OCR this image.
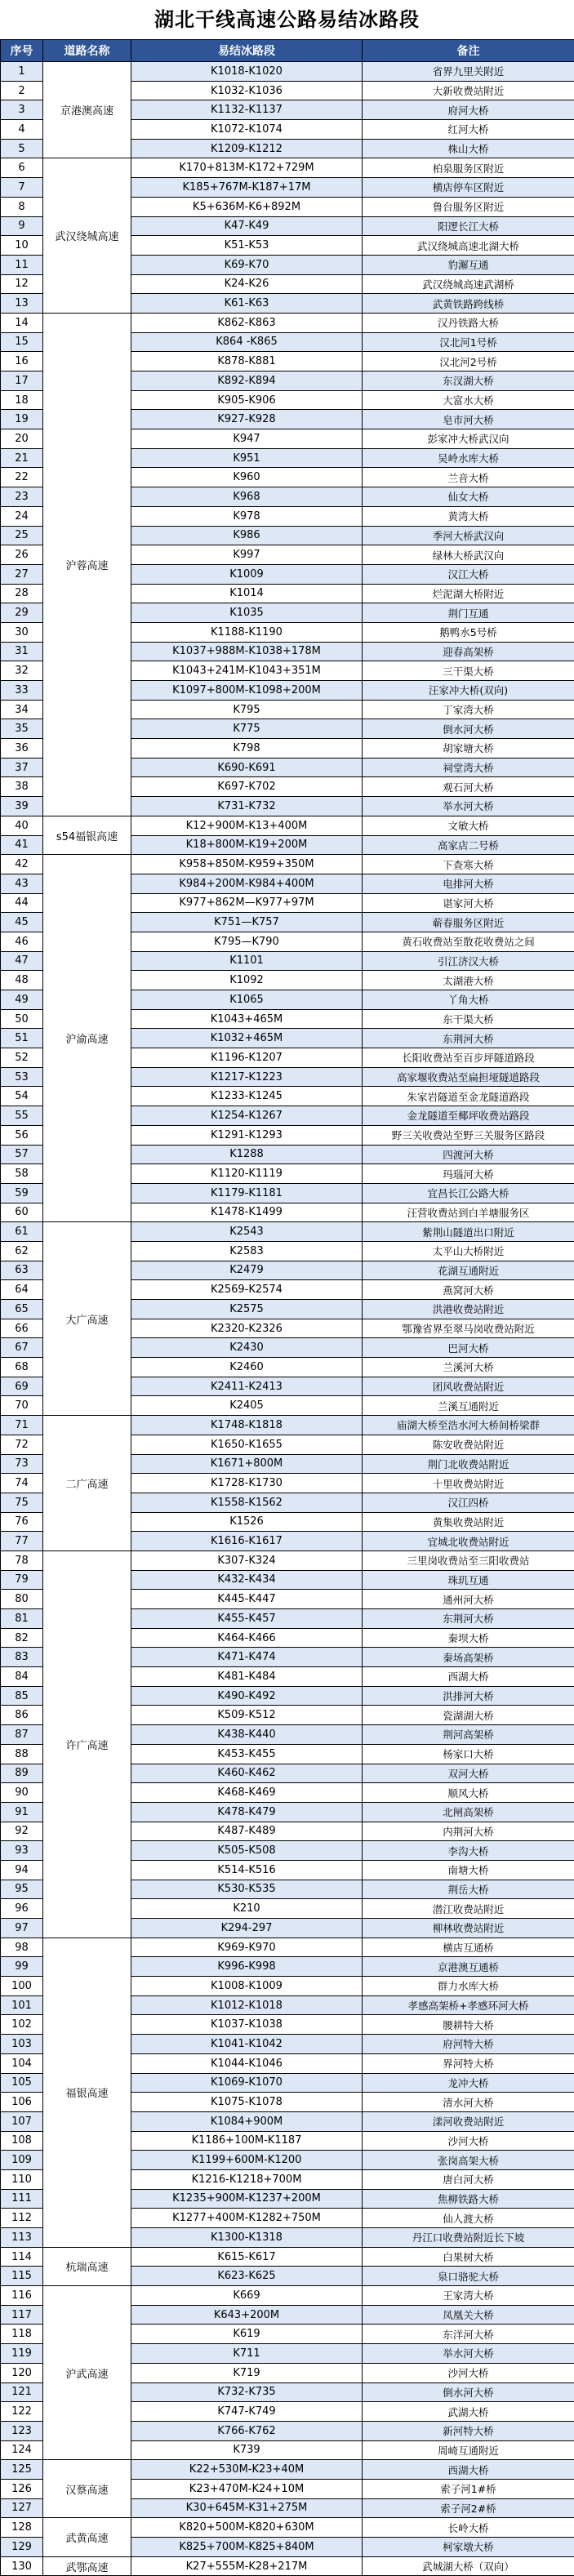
湖北干线高速公路易结冰路段
序号	道路名称	易结冰路段	备注
1	京港澳高速	K1018-K1020	省界九里关附近
2		K1032-K1036	大新收费站附近
3		K1132-K1137	府河大桥
4		K1072-K1074	红河大桥
5		K1209-K1212	株山大桥
6	武汉绕城高速	K170+813M-K172+729M	柏泉服务区附近
7		K185+767M-K187+17M	横店停车区附近
8		K5+636M-K6+892M	鲁台服务区附近
9		K47-K49	阳逻长江大桥
10		K51-K53	武汉绕城高速北湖大桥
11		K69-K70	豹澥互通
12		K24-K26	武汉绕城高速武湖桥
13		K61-K63	武黄铁路跨线桥
14	沪蓉高速	K862-K863	汉丹铁路大桥
15		K864 -K865	汉北河1号桥
16		K878-K881	汉北河2号桥
17		K892-K894	东汊湖大桥
18		K905-K906	大富水大桥
19		K927-K928	皂市河大桥
20		K947	彭家冲大桥武汉向
21		K951	吴岭水库大桥
22		K960	兰音大桥
23		K968	仙女大桥
24		K978	黄湾大桥
25		K986	季河大桥武汉向
26		K997	绿林大桥武汉向
27		K1009	汉江大桥
28		K1014	烂泥湖大桥附近
29		K1035	荆门互通
30		K1188-K1190	鹅鸭水5号桥
31		K1037+988M-K1038+178M	迎春高架桥
32		K1043+241M-K1043+351M	三干渠大桥
33		K1097+800M-K1098+200M	汪家冲大桥(双向)
34		K795	丁家湾大桥
35		K775	倒水河大桥
36		K798	胡家塘大桥
37		K690-K691	祠堂湾大桥
38		K697-K702	观石河大桥
39		K731-K732	举水河大桥
40	s54福银高速	K12+900M-K13+400M	文敏大桥
41		K18+800M-K19+200M	高家店二号桥
42	沪渝高速	K958+850M-K959+350M	下查寒大桥
43		K984+200M-K984+400M	电排河大桥
44		K977+862M—K977+97M	谌家河大桥
45		K751—K757	蕲春服务区附近
46		K795—K790	黄石收费站至散花收费站之间
47		K1101	引江济汉大桥
48		K1092	太湖港大桥
49		K1065	丫角大桥
50		K1043+465M	东干渠大桥
51		K1032+465M	东荆河大桥
52		K1196-K1207	长阳收费站至百步坪隧道路段
53		K1217-K1223	高家堰收费站至扁担垭隧道路段
54		K1233-K1245	朱家岩隧道至金龙隧道路段
55		K1254-K1267	金龙隧道至椰坪收费站路段
56		K1291-K1293	野三关收费站至野三关服务区路段
57		K1288	四渡河大桥
58		K1120-K1119	玛瑙河大桥
59		K1179-K1181	宜昌长江公路大桥
60		K1478-K1499	汪营收费站到白羊塘服务区
61	大广高速	K2543	紫荆山隧道出口附近
62		K2583	太平山大桥附近
63		K2479	花湖互通附近
64		K2569-K2574	燕窝河大桥
65		K2575	洪港收费站附近
66		K2320-K2326	鄂豫省界至翠马岗收费站附近
67		K2430	巴河大桥
68		K2460	兰溪河大桥
69		K2411-K2413	团风收费站附近
70		K2405	兰溪互通附近
71	二广高速	K1748-K1818	庙湖大桥至浩水河大桥间桥梁群
72		K1650-K1655	陈安收费站附近
73		K1671+800M	荆门北收费站附近
74		K1728-K1730	十里收费站附近
75		K1558-K1562	汉江四桥
76		K1526	黄集收费站附近
77		K1616-K1617	宜城北收费站附近
78	许广高速	K307-K324	三里岗收费站至三阳收费站
79		K432-K434	珠玑互通
80		K445-K447	通州河大桥
81		K455-K457	东荆河大桥
82		K464-K466	秦坝大桥
83		K471-K474	秦场高架桥
84		K481-K484	西湖大桥
85		K490-K492	洪排河大桥
86		K509-K512	瓷湖湖大桥
87		K438-K440	荆河高架桥
88		K453-K455	杨家口大桥
89		K460-K462	双河大桥
90		K468-K469	顺风大桥
91		K478-K479	北闸高架桥
92		K487-K489	内荆河大桥
93		K505-K508	李沟大桥
94		K514-K516	南塘大桥
95		K530-K535	荆岳大桥
96		K210	潜江收费站附近
97		K294-297	柳林收费站附近
98	福银高速	K969-K970	横店互通桥
99		K996-K998	京港澳互通桥
100		K1008-K1009	群力水库大桥
101		K1012-K1018	孝感高架桥+孝感环河大桥
102		K1037-K1038	腰耕特大桥
103		K1041-K1042	府河特大桥
104		K1044-K1046	界河特大桥
105		K1069-K1070	龙冲大桥
106		K1075-K1078	清水河大桥
107		K1084+900M	漾河收费站附近
108		K1186+100M-K1187	沙河大桥
109		K1199+600M-K1200	张岗高架大桥
110		K1216-K1218+700M	唐白河大桥
111		K1235+900M-K1237+200M	焦柳铁路大桥
112		K1277+400M-K1282+750M	仙人渡大桥
113		K1300-K1318	丹江口收费站附近长下坡
114	杭瑞高速	K615-K617	白果树大桥
115		K623-K625	泉口骆驼大桥
116	沪武高速	K669	王家湾大桥
117		K643+200M	凤凰关大桥
118		K619	东洋河大桥
119		K711	举水河大桥
120		K719	沙河大桥
121		K732-K735	倒水河大桥
122		K747-K749	武湖大桥
123		K766-K762	新河特大桥
124		K739	周崎互通附近
125	汉蔡高速	K22+530M-K23+40M	西湖大桥
126		K23+470M-K24+10M	索子河1#桥
127		K30+645M-K31+275M	索子河2#桥
128	武黄高速	K820+500M-K820+630M	长岭大桥
129		K825+700M-K825+840M	柯家墩大桥
130	武鄂高速	K27+555M-K28+217M	武城湖大桥（双向）
